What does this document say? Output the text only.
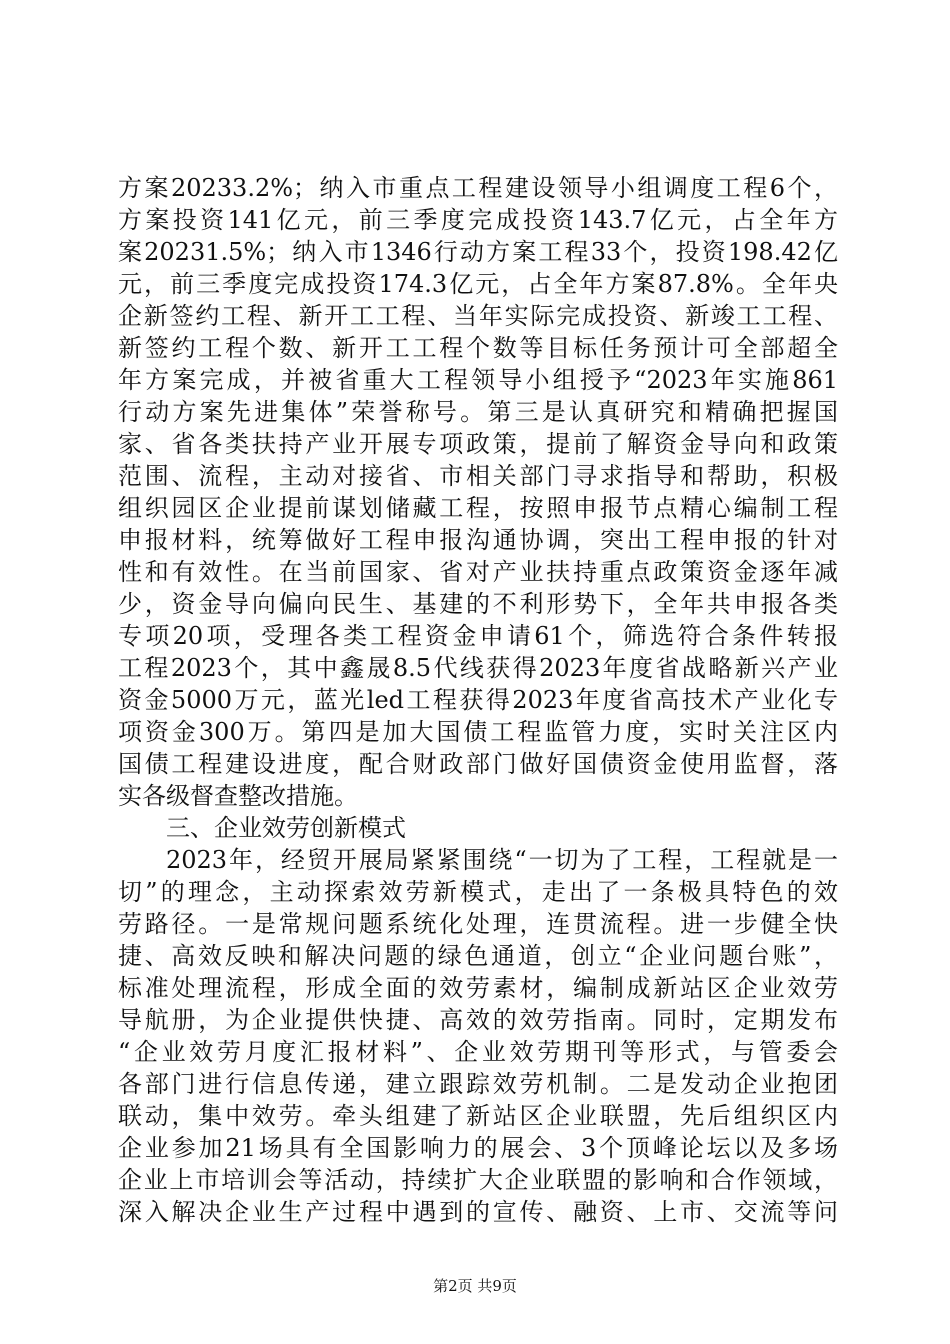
方案20233.2%；纳入市重点工程建设领导小组调度工程6个，
方案投资141亿元，前三季度完成投资143.7亿元，占全年方
案20231.5%；纳入市1346行动方案工程33个，投资198.42亿
元，前三季度完成投资174.3亿元，占全年方案87.8%。全年央
企新签约工程、新开工工程、当年实际完成投资、新竣工工程、
新签约工程个数、新开工工程个数等目标任务预计可全部超全
年方案完成，并被省重大工程领导小组授予“2023年实施861
行动方案先进集体”荣誉称号。第三是认真研究和精确把握国
家、省各类扶持产业开展专项政策，提前了解资金导向和政策
范围、流程，主动对接省、市相关部门寻求指导和帮助，积极
组织园区企业提前谋划储藏工程，按照申报节点精心编制工程
申报材料，统筹做好工程申报沟通协调，突出工程申报的针对
性和有效性。在当前国家、省对产业扶持重点政策资金逐年减
少，资金导向偏向民生、基建的不利形势下，全年共申报各类
专项20项，受理各类工程资金申请61个，筛选符合条件转报
工程2023个，其中鑫晟8.5代线获得2023年度省战略新兴产业
资金5000万元，蓝光led工程获得2023年度省高技术产业化专
项资金300万。第四是加大国债工程监管力度，实时关注区内
国债工程建设进度，配合财政部门做好国债资金使用监督，落
实各级督查整改措施。
三、企业效劳创新模式
2023年，经贸开展局紧紧围绕“一切为了工程，工程就是一
切”的理念，主动探索效劳新模式，走出了一条极具特色的效
劳路径。一是常规问题系统化处理，连贯流程。进一步健全快
捷、高效反映和解决问题的绿色通道，创立“企业问题台账”，
标准处理流程，形成全面的效劳素材，编制成新站区企业效劳
导航册，为企业提供快捷、高效的效劳指南。同时，定期发布
“企业效劳月度汇报材料”、企业效劳期刊等形式，与管委会
各部门进行信息传递，建立跟踪效劳机制。二是发动企业抱团
联动，集中效劳。牵头组建了新站区企业联盟，先后组织区内
企业参加21场具有全国影响力的展会、3个顶峰论坛以及多场
企业上市培训会等活动，持续扩大企业联盟的影响和合作领域，
深入解决企业生产过程中遇到的宣传、融资、上市、交流等问
第2页 共9页
